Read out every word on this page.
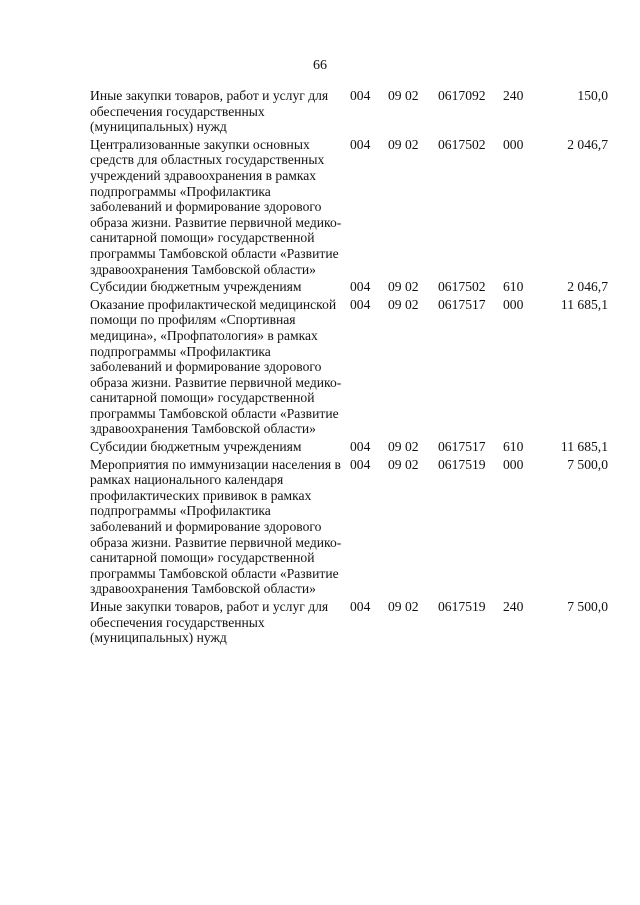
66
Иные закупки товаров, работ и услуг для
обеспечения государственных
(муниципальных) нужд
004	09 02	0617092	240	150,0
Централизованные закупки основных
средств для областных государственных
учреждений здравоохранения в рамках
подпрограммы «Профилактика
заболеваний и формирование здорового
образа жизни. Развитие первичной медико-
санитарной помощи» государственной
программы Тамбовской области «Развитие
здравоохранения Тамбовской области»
004	09 02	0617502	000	2 046,7
Субсидии бюджетным учреждениям	004	09 02	0617502	610	2 046,7
Оказание профилактической медицинской
помощи по профилям «Спортивная
медицина», «Профпатология» в рамках
подпрограммы «Профилактика
заболеваний и формирование здорового
образа жизни. Развитие первичной медико-
санитарной помощи» государственной
программы Тамбовской области «Развитие
здравоохранения Тамбовской области»
004	09 02	0617517	000	11 685,1
Субсидии бюджетным учреждениям	004	09 02	0617517	610	11 685,1
Мероприятия по иммунизации населения в
рамках национального календаря
профилактических прививок в рамках
подпрограммы «Профилактика
заболеваний и формирование здорового
образа жизни. Развитие первичной медико-
санитарной помощи» государственной
программы Тамбовской области «Развитие
здравоохранения Тамбовской области»
004	09 02	0617519	000	7 500,0
Иные закупки товаров, работ и услуг для
обеспечения государственных
(муниципальных) нужд
004	09 02	0617519	240	7 500,0
